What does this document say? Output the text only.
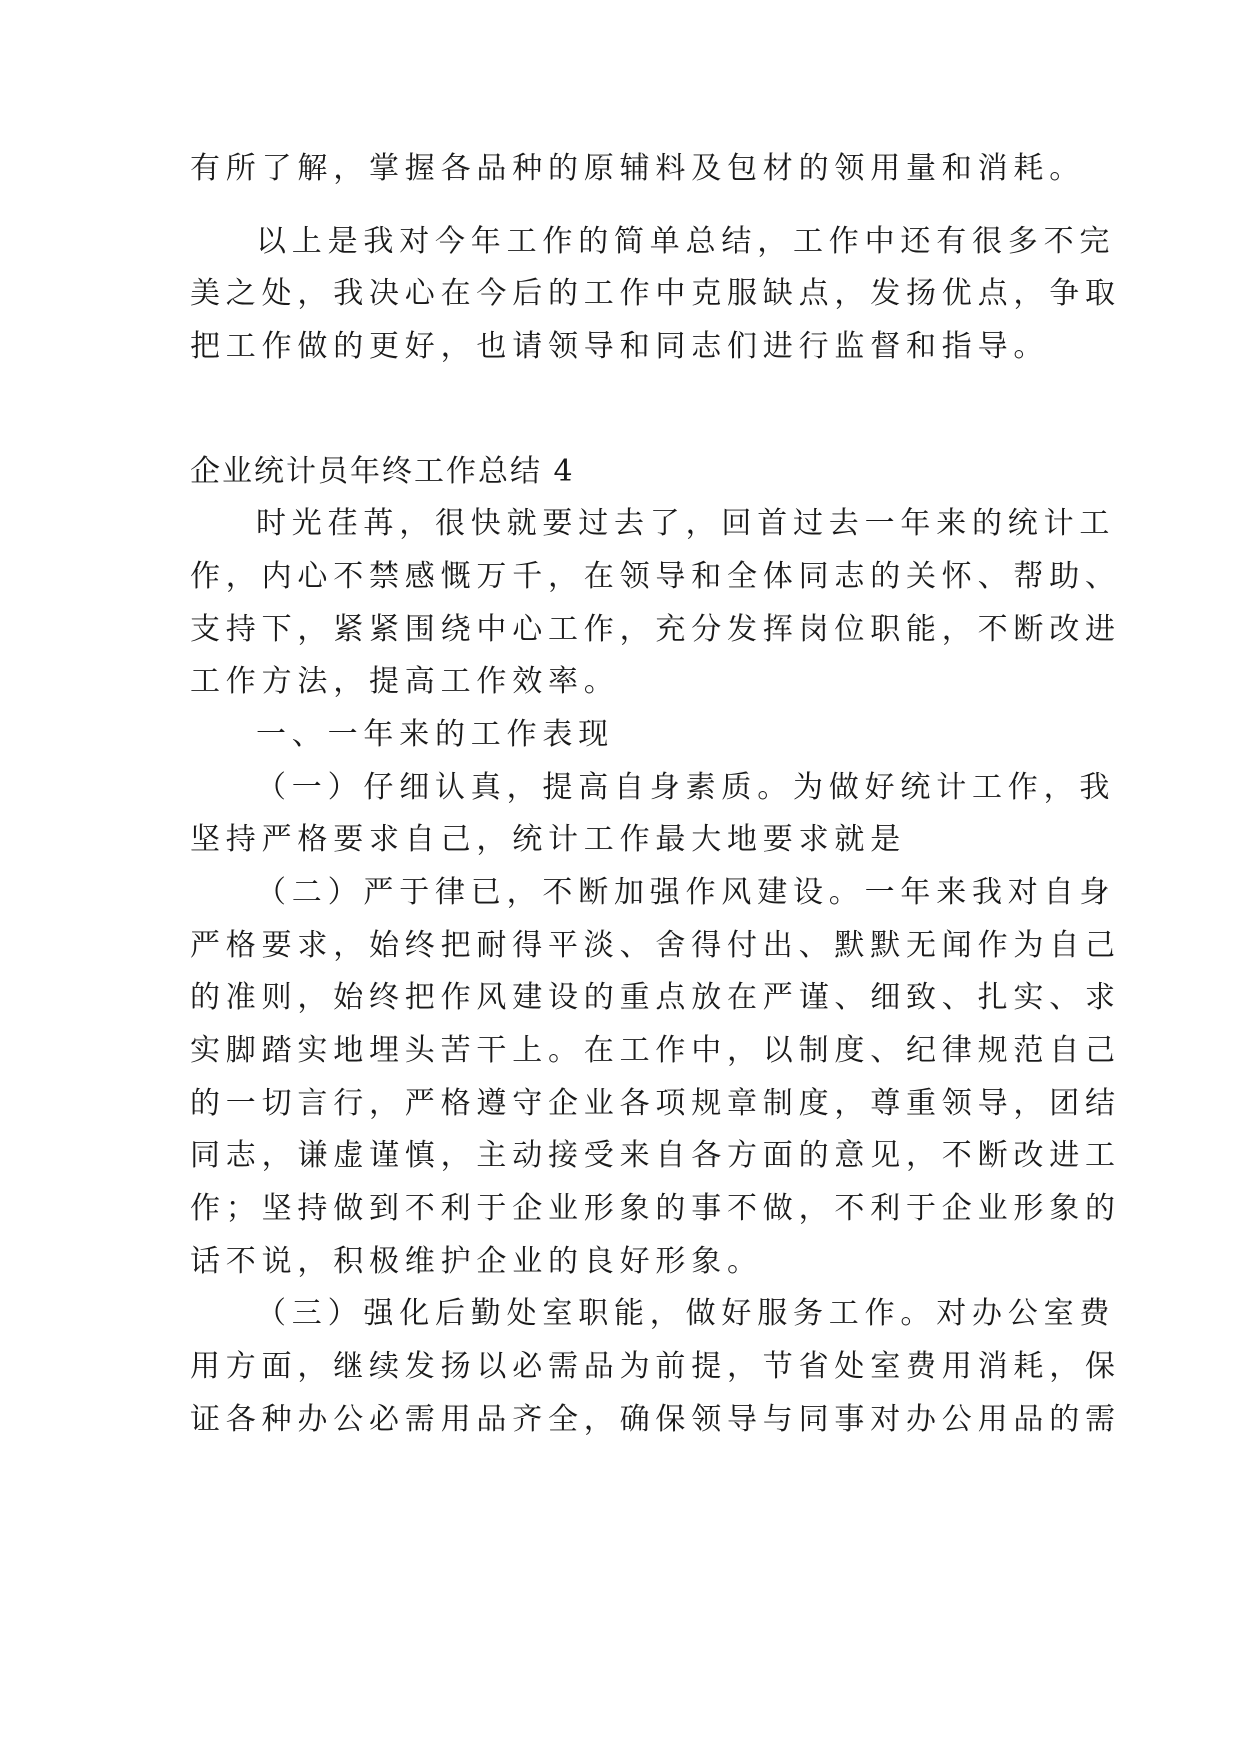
有所了解，掌握各品种的原辅料及包材的领用量和消耗。
以上是我对今年工作的简单总结，工作中还有很多不完
美之处，我决心在今后的工作中克服缺点，发扬优点，争取
把工作做的更好，也请领导和同志们进行监督和指导。
企业统计员年终工作总结 4
时光荏苒，很快就要过去了，回首过去一年来的统计工
作，内心不禁感慨万千，在领导和全体同志的关怀、帮助、
支持下，紧紧围绕中心工作，充分发挥岗位职能，不断改进
工作方法，提高工作效率。
一、一年来的工作表现
（一）仔细认真，提高自身素质。为做好统计工作，我
坚持严格要求自己，统计工作最大地要求就是
（二）严于律已，不断加强作风建设。一年来我对自身
严格要求，始终把耐得平淡、舍得付出、默默无闻作为自己
的准则，始终把作风建设的重点放在严谨、细致、扎实、求
实脚踏实地埋头苦干上。在工作中，以制度、纪律规范自己
的一切言行，严格遵守企业各项规章制度，尊重领导，团结
同志，谦虚谨慎，主动接受来自各方面的意见，不断改进工
作；坚持做到不利于企业形象的事不做，不利于企业形象的
话不说，积极维护企业的良好形象。
（三）强化后勤处室职能，做好服务工作。对办公室费
用方面，继续发扬以必需品为前提，节省处室费用消耗，保
证各种办公必需用品齐全，确保领导与同事对办公用品的需
